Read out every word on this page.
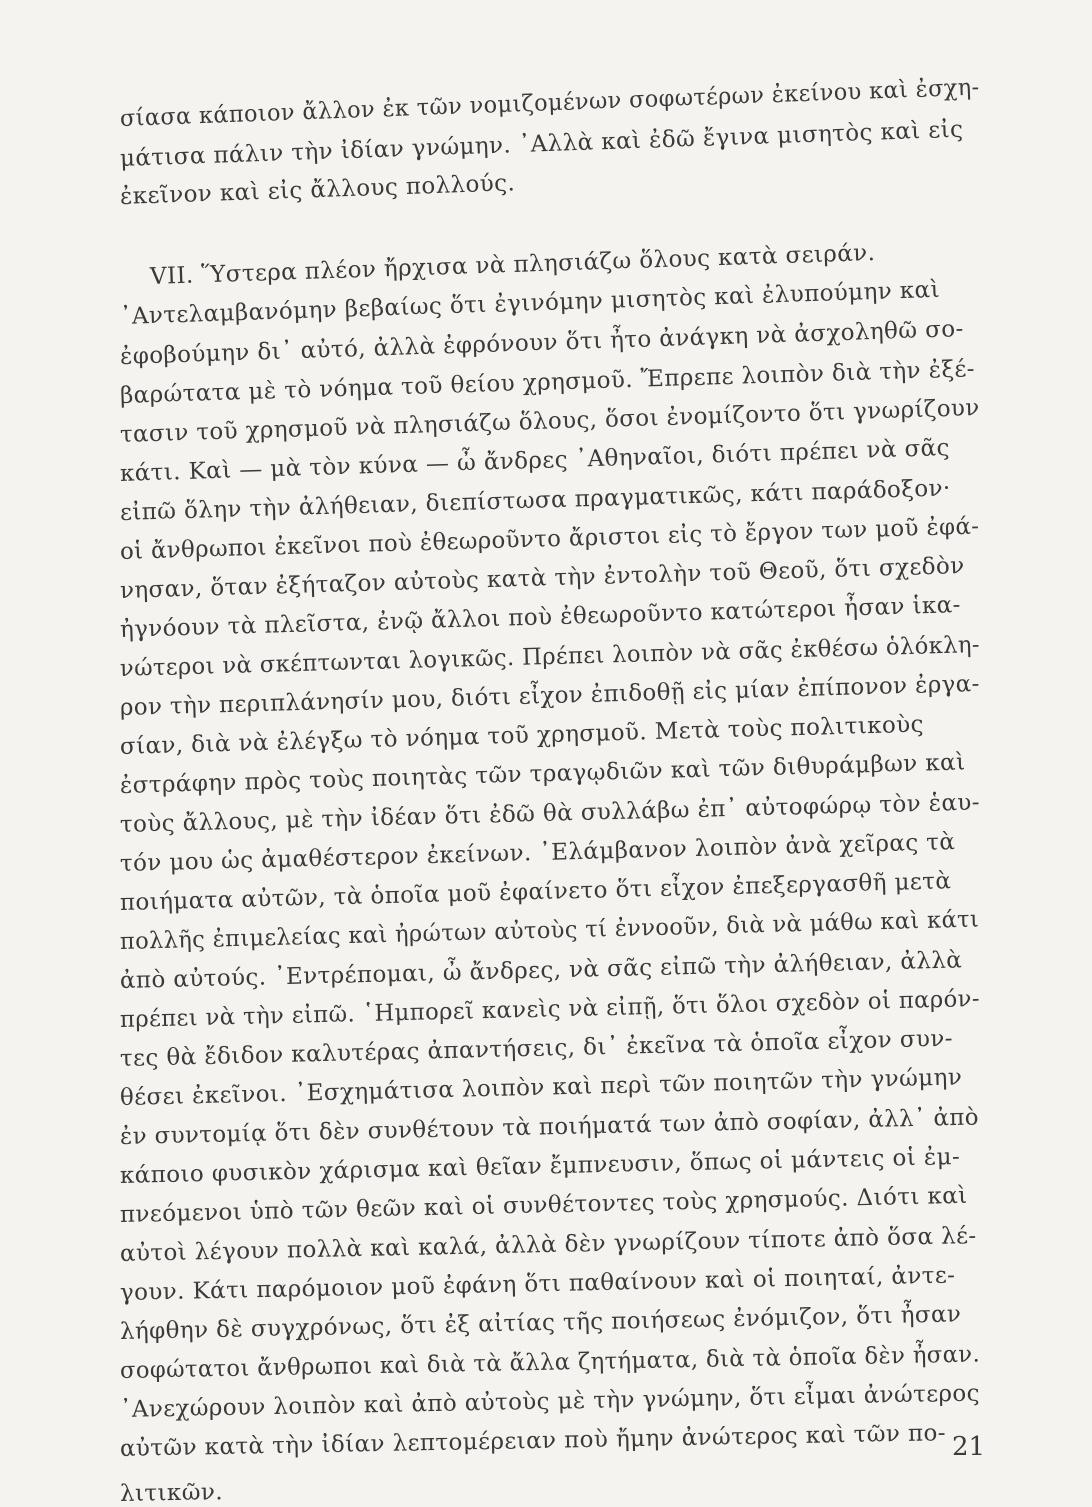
σίασα κάποιον ἄλλον ἐκ τῶν νομιζομένων σοφωτέρων ἐκείνου καὶ ἐσχη-
μάτισα πάλιν τὴν ἰδίαν γνώμην. ᾿Αλλὰ καὶ ἐδῶ ἔγινα μισητὸς καὶ εἰς
ἐκεῖνον καὶ εἰς ἄλλους πολλούς.
VII. Ὕστερα πλέον ἤρχισα νὰ πλησιάζω ὅλους κατὰ σειράν.
᾿Αντελαμβανόμην βεβαίως ὅτι ἐγινόμην μισητὸς καὶ ἐλυπούμην καὶ
ἐφοβούμην δι᾿ αὐτό, ἀλλὰ ἐφρόνουν ὅτι ἦτο ἀνάγκη νὰ ἀσχοληθῶ σο-
βαρώτατα μὲ τὸ νόημα τοῦ θείου χρησμοῦ. Ἔπρεπε λοιπὸν διὰ τὴν ἐξέ-
τασιν τοῦ χρησμοῦ νὰ πλησιάζω ὅλους, ὅσοι ἐνομίζοντο ὅτι γνωρίζουν
κάτι. Καὶ — μὰ τὸν κύνα — ὦ ἄνδρες ᾿Αθηναῖοι, διότι πρέπει νὰ σᾶς
εἰπῶ ὅλην τὴν ἀλήθειαν, διεπίστωσα πραγματικῶς, κάτι παράδοξον·
οἱ ἄνθρωποι ἐκεῖνοι ποὺ ἐθεωροῦντο ἄριστοι εἰς τὸ ἔργον των μοῦ ἐφά-
νησαν, ὅταν ἐξήταζον αὐτοὺς κατὰ τὴν ἐντολὴν τοῦ Θεοῦ, ὅτι σχεδὸν
ἠγνόουν τὰ πλεῖστα, ἐνῷ ἄλλοι ποὺ ἐθεωροῦντο κατώτεροι ἦσαν ἱκα-
νώτεροι νὰ σκέπτωνται λογικῶς. Πρέπει λοιπὸν νὰ σᾶς ἐκθέσω ὁλόκλη-
ρον τὴν περιπλάνησίν μου, διότι εἶχον ἐπιδοθῇ εἰς μίαν ἐπίπονον ἐργα-
σίαν, διὰ νὰ ἐλέγξω τὸ νόημα τοῦ χρησμοῦ. Μετὰ τοὺς πολιτικοὺς
ἐστράφην πρὸς τοὺς ποιητὰς τῶν τραγῳδιῶν καὶ τῶν διθυράμβων καὶ
τοὺς ἄλλους, μὲ τὴν ἰδέαν ὅτι ἐδῶ θὰ συλλάβω ἐπ᾿ αὐτοφώρῳ τὸν ἑαυ-
τόν μου ὡς ἀμαθέστερον ἐκείνων. ᾿Ελάμβανον λοιπὸν ἀνὰ χεῖρας τὰ
ποιήματα αὐτῶν, τὰ ὁποῖα μοῦ ἐφαίνετο ὅτι εἶχον ἐπεξεργασθῆ μετὰ
πολλῆς ἐπιμελείας καὶ ἠρώτων αὐτοὺς τί ἐννοοῦν, διὰ νὰ μάθω καὶ κάτι
ἀπὸ αὐτούς. ᾿Εντρέπομαι, ὦ ἄνδρες, νὰ σᾶς εἰπῶ τὴν ἀλήθειαν, ἀλλὰ
πρέπει νὰ τὴν εἰπῶ. ῾Ημπορεῖ κανεὶς νὰ εἰπῇ, ὅτι ὅλοι σχεδὸν οἱ παρόν-
τες θὰ ἔδιδον καλυτέρας ἀπαντήσεις, δι᾿ ἐκεῖνα τὰ ὁποῖα εἶχον συν-
θέσει ἐκεῖνοι. ᾿Εσχημάτισα λοιπὸν καὶ περὶ τῶν ποιητῶν τὴν γνώμην
ἐν συντομίᾳ ὅτι δὲν συνθέτουν τὰ ποιήματά των ἀπὸ σοφίαν, ἀλλ᾿ ἀπὸ
κάποιο φυσικὸν χάρισμα καὶ θεῖαν ἔμπνευσιν, ὅπως οἱ μάντεις οἱ ἐμ-
πνεόμενοι ὑπὸ τῶν θεῶν καὶ οἱ συνθέτοντες τοὺς χρησμούς. Διότι καὶ
αὐτοὶ λέγουν πολλὰ καὶ καλά, ἀλλὰ δὲν γνωρίζουν τίποτε ἀπὸ ὅσα λέ-
γουν. Κάτι παρόμοιον μοῦ ἐφάνη ὅτι παθαίνουν καὶ οἱ ποιηταί, ἀντε-
λήφθην δὲ συγχρόνως, ὅτι ἐξ αἰτίας τῆς ποιήσεως ἐνόμιζον, ὅτι ἦσαν
σοφώτατοι ἄνθρωποι καὶ διὰ τὰ ἄλλα ζητήματα, διὰ τὰ ὁποῖα δὲν ἦσαν.
᾿Ανεχώρουν λοιπὸν καὶ ἀπὸ αὐτοὺς μὲ τὴν γνώμην, ὅτι εἶμαι ἀνώτερος
αὐτῶν κατὰ τὴν ἰδίαν λεπτομέρειαν ποὺ ἤμην ἀνώτερος καὶ τῶν πο-
λιτικῶν.
21
